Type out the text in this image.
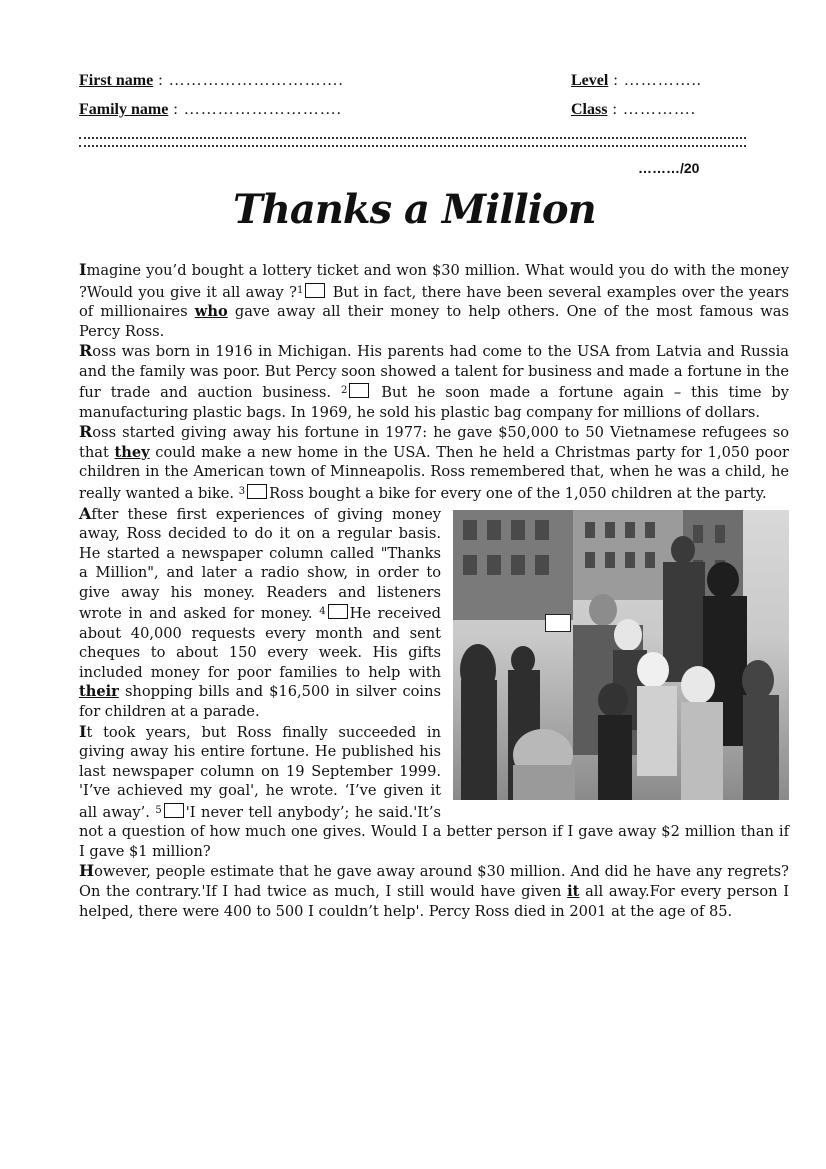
First name : ………………………….
Family name : ……………………….
Level : …………..
Class : ………….
………/20
Thanks a Million

Imagine you’d bought a lottery ticket and won $30 million. What would you do with the money ?Would you give it all away ?$^1$ But in fact, there have been several examples over the years of millionaires who gave away all their money to help others. One of the most famous was Percy Ross.

Ross was born in 1916 in Michigan. His parents had come to the USA from Latvia and Russia and the family was poor. But Percy soon showed a talent for business and made a fortune in the fur trade and auction business. $^2$ But he soon made a fortune again – this time by manufacturing plastic bags. In 1969, he sold his plastic bag company for millions of dollars.

Ross started giving away his fortune in 1977: he gave $50,000 to 50 Vietnamese refugees so that they could make a new home in the USA. Then he held a Christmas party for 1,050 poor children in the American town of Minneapolis. Ross remembered that, when he was a child, he really wanted a bike. $^3$ Ross bought a bike for every one of the 1,050 children at the party.

After these first experiences of giving money away, Ross decided to do it on a regular basis. He started a newspaper column called "Thanks a Million", and later a radio show, in order to give away his money. Readers and listeners wrote in and asked for money. $^4$ He received about 40,000 requests every month and sent cheques to about 150 every week. His gifts included money for poor families to help with their shopping bills and $16,500 in silver coins for children at a parade.

It took years, but Ross finally succeeded in giving away his entire fortune. He published his last newspaper column on 19 September 1999. 'I’ve achieved my goal', he wrote. ‘I’ve given it all away’. $^5$ 'I never tell anybody’; he said.'It’s not a question of how much one gives. Would I a better person if I gave away $2 million than if I gave $1 million?

However, people estimate that he gave away around $30 million. And did he have any regrets? On the contrary.'If I had twice as much, I still would have given it all away.For every person I helped, there were 400 to 500 I couldn’t help'. Percy Ross died in 2001 at the age of 85.
